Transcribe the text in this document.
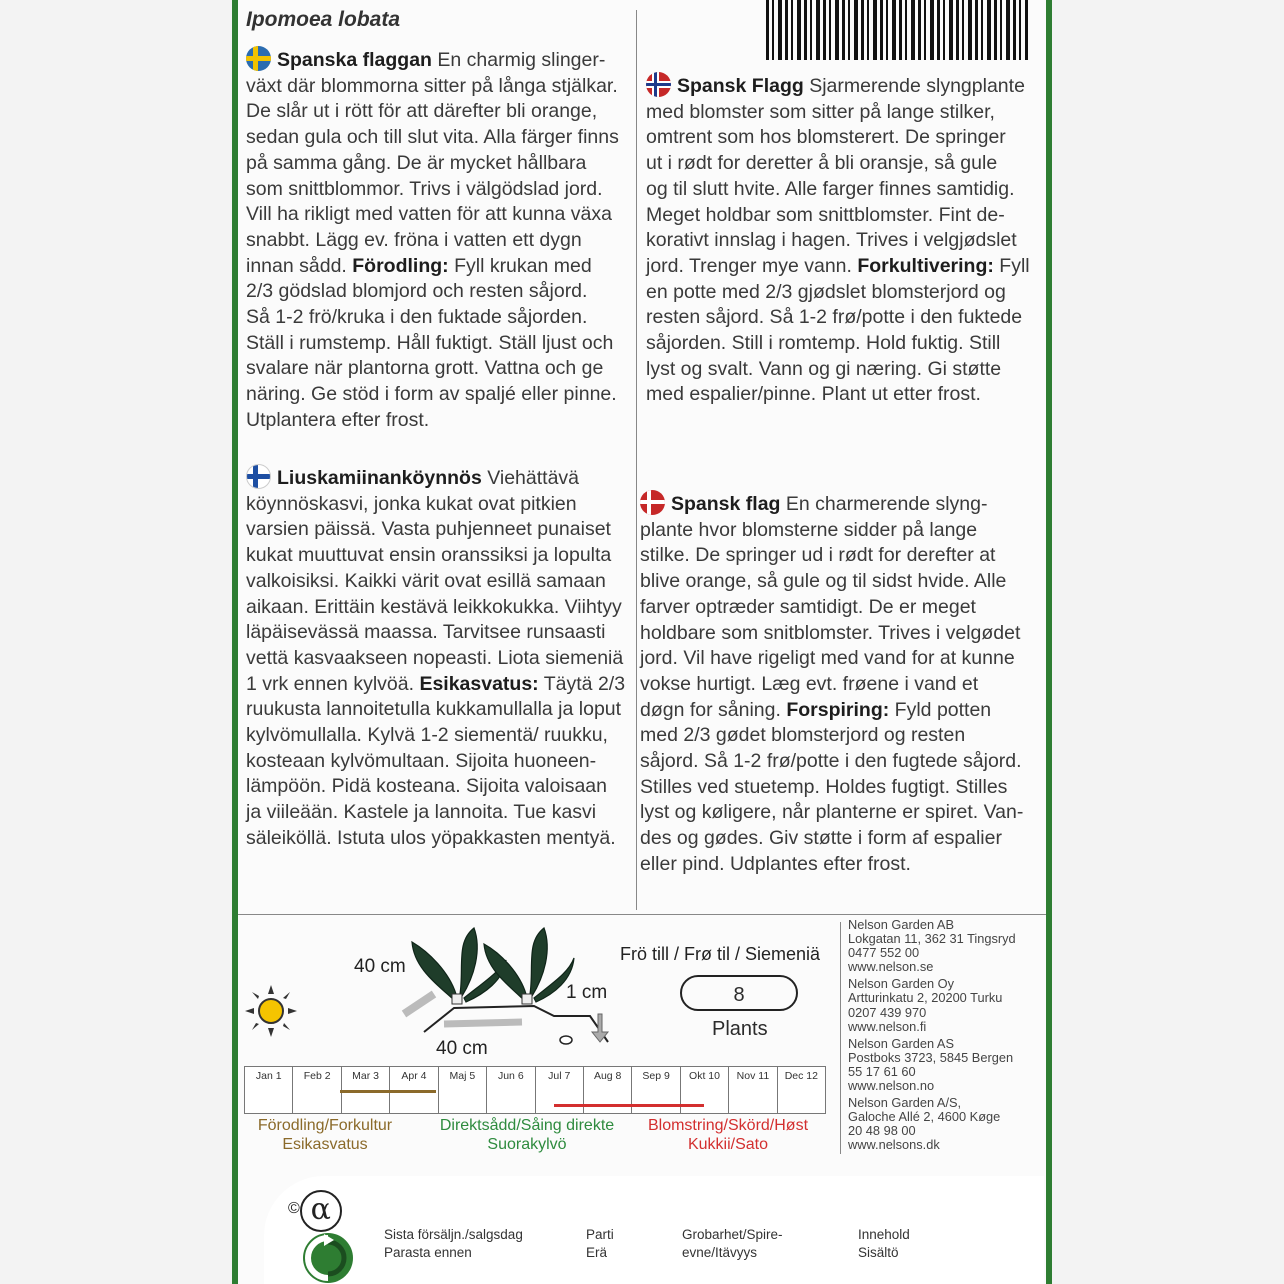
Ipomoea lobata
Spanska flaggan En charmig slinger-
växt där blommorna sitter på långa stjälkar.
De slår ut i rött för att därefter bli orange,
sedan gula och till slut vita. Alla färger finns
på samma gång. De är mycket hållbara
som snittblommor. Trivs i välgödslad jord.
Vill ha rikligt med vatten för att kunna växa
snabbt. Lägg ev. fröna i vatten ett dygn
innan sådd. Förodling: Fyll krukan med
2/3 gödslad blomjord och resten såjord.
Så 1-2 frö/kruka i den fuktade såjorden.
Ställ i rumstemp. Håll fuktigt. Ställ ljust och
svalare när plantorna grott. Vattna och ge
näring. Ge stöd i form av spaljé eller pinne.
Utplantera efter frost.
Spansk Flagg Sjarmerende slyngplante
med blomster som sitter på lange stilker,
omtrent som hos blomsterert. De springer
ut i rødt for deretter å bli oransje, så gule
og til slutt hvite. Alle farger finnes samtidig.
Meget holdbar som snittblomster. Fint de-
korativt innslag i hagen. Trives i velgjødslet
jord. Trenger mye vann. Forkultivering: Fyll
en potte med 2/3 gjødslet blomsterjord og
resten såjord. Så 1-2 frø/potte i den fuktede
såjorden. Still i romtemp. Hold fuktig. Still
lyst og svalt. Vann og gi næring. Gi støtte
med espalier/pinne. Plant ut etter frost.
Liuskamiinanköynnös Viehättävä
köynnöskasvi, jonka kukat ovat pitkien
varsien päissä. Vasta puhjenneet punaiset
kukat muuttuvat ensin oranssiksi ja lopulta
valkoisiksi. Kaikki värit ovat esillä samaan
aikaan. Erittäin kestävä leikkokukka. Viihtyy
läpäisevässä maassa. Tarvitsee runsaasti
vettä kasvaakseen nopeasti. Liota siemeniä
1 vrk ennen kylvöä. Esikasvatus: Täytä 2/3
ruukusta lannoitetulla kukkamullalla ja loput
kylvömullalla. Kylvä 1-2 siementä/ ruukku,
kosteaan kylvömultaan. Sijoita huoneen-
lämpöön. Pidä kosteana. Sijoita valoisaan
ja viileään. Kastele ja lannoita. Tue kasvi
säleiköllä. Istuta ulos yöpakkasten mentyä.
Spansk flag En charmerende slyng-
plante hvor blomsterne sidder på lange
stilke. De springer ud i rødt for derefter at
blive orange, så gule og til sidst hvide. Alle
farver optræder samtidigt. De er meget
holdbare som snitblomster. Trives i velgødet
jord. Vil have rigeligt med vand for at kunne
vokse hurtigt. Læg evt. frøene i vand et
døgn for såning. Forspiring: Fyld potten
med 2/3 gødet blomsterjord og resten
såjord. Så 1-2 frø/potte i den fugtede såjord.
Stilles ved stuetemp. Holdes fugtigt. Stilles
lyst og køligere, når planterne er spiret. Van-
des og gødes. Giv støtte i form af espalier
eller pind. Udplantes efter frost.
40 cm
40 cm
1 cm
Frö till / Frø til / Siemeniä
8
Plants
Nelson Garden AB
Lokgatan 11, 362 31 Tingsryd
0477 552 00
www.nelson.se
Nelson Garden Oy
Artturinkatu 2, 20200 Turku
0207 439 970
www.nelson.fi
Nelson Garden AS
Postboks 3723, 5845 Bergen
55 17 61 60
www.nelson.no
Nelson Garden A/S,
Galoche Allé 2, 4600 Køge
20 48 98 00
www.nelsons.dk
Jan 1	Feb 2	Mar 3	Apr 4	Maj 5	Jun 6	Jul 7	Aug 8	Sep 9	Okt 10	Nov 11	Dec 12
Förodling/Forkultur
Esikasvatus
Direktsådd/Såing direkte
Suorakylvö
Blomstring/Skörd/Høst
Kukkii/Sato
© α
Sista försäljn./salgsdag
Parasta ennen
Parti
Erä
Grobarhet/Spire-
evne/Itävyys
Innehold
Sisältö
